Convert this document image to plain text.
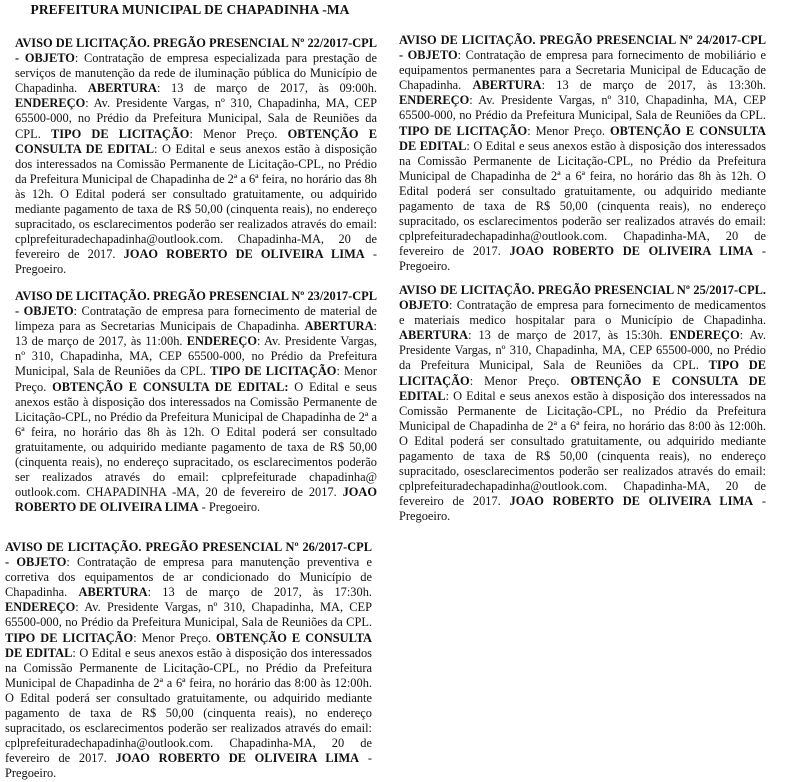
PREFEITURA MUNICIPAL DE CHAPADINHA -MA

AVISO DE LICITAÇÃO. PREGÃO PRESENCIAL Nº 22/2017-CPL - OBJETO: Contratação de empresa especializada para prestação de serviços de manutenção da rede de iluminação pública do Município de Chapadinha. ABERTURA: 13 de março de 2017, às 09:00h. ENDEREÇO: Av. Presidente Vargas, nº 310, Chapadinha, MA, CEP 65500-000, no Prédio da Prefeitura Municipal, Sala de Reuniões da CPL. TIPO DE LICITAÇÃO: Menor Preço. OBTENÇÃO E CONSULTA DE EDITAL: O Edital e seus anexos estão à disposição dos interessados na Comissão Permanente de Licitação-CPL, no Prédio da Prefeitura Municipal de Chapadinha de 2ª a 6ª feira, no horário das 8h às 12h. O Edital poderá ser consultado gratuitamente, ou adquirido mediante pagamento de taxa de R$ 50,00 (cinquenta reais), no endereço supracitado, os esclarecimentos poderão ser realizados através do email: cplprefeituradechapadinha@outlook.com. Chapadinha-MA, 20 de fevereiro de 2017. JOAO ROBERTO DE OLIVEIRA LIMA - Pregoeiro.

AVISO DE LICITAÇÃO. PREGÃO PRESENCIAL Nº 23/2017-CPL - OBJETO: Contratação de empresa para fornecimento de material de limpeza para as Secretarias Municipais de Chapadinha. ABERTURA: 13 de março de 2017, às 11:00h. ENDEREÇO: Av. Presidente Vargas, nº 310, Chapadinha, MA, CEP 65500-000, no Prédio da Prefeitura Municipal, Sala de Reuniões da CPL. TIPO DE LICITAÇÃO: Menor Preço. OBTENÇÃO E CONSULTA DE EDITAL: O Edital e seus anexos estão à disposição dos interessados na Comissão Permanente de Licitação-CPL, no Prédio da Prefeitura Municipal de Chapadinha de 2ª a 6ª feira, no horário das 8h às 12h. O Edital poderá ser consultado gratuitamente, ou adquirido mediante pagamento de taxa de R$ 50,00 (cinquenta reais), no endereço supracitado, os esclarecimentos poderão ser realizados através do email: cplprefeiturade chapadinha@ outlook.com. CHAPADINHA -MA, 20 de fevereiro de 2017. JOAO ROBERTO DE OLIVEIRA LIMA - Pregoeiro.

AVISO DE LICITAÇÃO. PREGÃO PRESENCIAL Nº 26/2017-CPL - OBJETO: Contratação de empresa para manutenção preventiva e corretiva dos equipamentos de ar condicionado do Município de Chapadinha. ABERTURA: 13 de março de 2017, às 17:30h. ENDEREÇO: Av. Presidente Vargas, nº 310, Chapadinha, MA, CEP 65500-000, no Prédio da Prefeitura Municipal, Sala de Reuniões da CPL. TIPO DE LICITAÇÃO: Menor Preço. OBTENÇÃO E CONSULTA DE EDITAL: O Edital e seus anexos estão à disposição dos interessados na Comissão Permanente de Licitação-CPL, no Prédio da Prefeitura Municipal de Chapadinha de 2ª a 6ª feira, no horário das 8:00 às 12:00h. O Edital poderá ser consultado gratuitamente, ou adquirido mediante pagamento de taxa de R$ 50,00 (cinquenta reais), no endereço supracitado, os esclarecimentos poderão ser realizados através do email: cplprefeituradechapadinha@outlook.com. Chapadinha-MA, 20 de fevereiro de 2017. JOAO ROBERTO DE OLIVEIRA LIMA - Pregoeiro.

AVISO DE LICITAÇÃO. PREGÃO PRESENCIAL Nº 24/2017-CPL - OBJETO: Contratação de empresa para fornecimento de mobiliário e equipamentos permanentes para a Secretaria Municipal de Educação de Chapadinha. ABERTURA: 13 de março de 2017, às 13:30h. ENDEREÇO: Av. Presidente Vargas, nº 310, Chapadinha, MA, CEP 65500-000, no Prédio da Prefeitura Municipal, Sala de Reuniões da CPL. TIPO DE LICITAÇÃO: Menor Preço. OBTENÇÃO E CONSULTA DE EDITAL: O Edital e seus anexos estão à disposição dos interessados na Comissão Permanente de Licitação-CPL, no Prédio da Prefeitura Municipal de Chapadinha de 2ª a 6ª feira, no horário das 8h às 12h. O Edital poderá ser consultado gratuitamente, ou adquirido mediante pagamento de taxa de R$ 50,00 (cinquenta reais), no endereço supracitado, os esclarecimentos poderão ser realizados através do email: cplprefeituradechapadinha@outlook.com. Chapadinha-MA, 20 de fevereiro de 2017. JOAO ROBERTO DE OLIVEIRA LIMA - Pregoeiro.

AVISO DE LICITAÇÃO. PREGÃO PRESENCIAL Nº 25/2017-CPL. OBJETO: Contratação de empresa para fornecimento de medicamentos e materiais medico hospitalar para o Município de Chapadinha. ABERTURA: 13 de março de 2017, às 15:30h. ENDEREÇO: Av. Presidente Vargas, nº 310, Chapadinha, MA, CEP 65500-000, no Prédio da Prefeitura Municipal, Sala de Reuniões da CPL. TIPO DE LICITAÇÃO: Menor Preço. OBTENÇÃO E CONSULTA DE EDITAL: O Edital e seus anexos estão à disposição dos interessados na Comissão Permanente de Licitação-CPL, no Prédio da Prefeitura Municipal de Chapadinha de 2ª a 6ª feira, no horário das 8:00 às 12:00h. O Edital poderá ser consultado gratuitamente, ou adquirido mediante pagamento de taxa de R$ 50,00 (cinquenta reais), no endereço supracitado, osesclarecimentos poderão ser realizados através do email: cplprefeituradechapadinha@outlook.com. Chapadinha-MA, 20 de fevereiro de 2017. JOAO ROBERTO DE OLIVEIRA LIMA - Pregoeiro.
